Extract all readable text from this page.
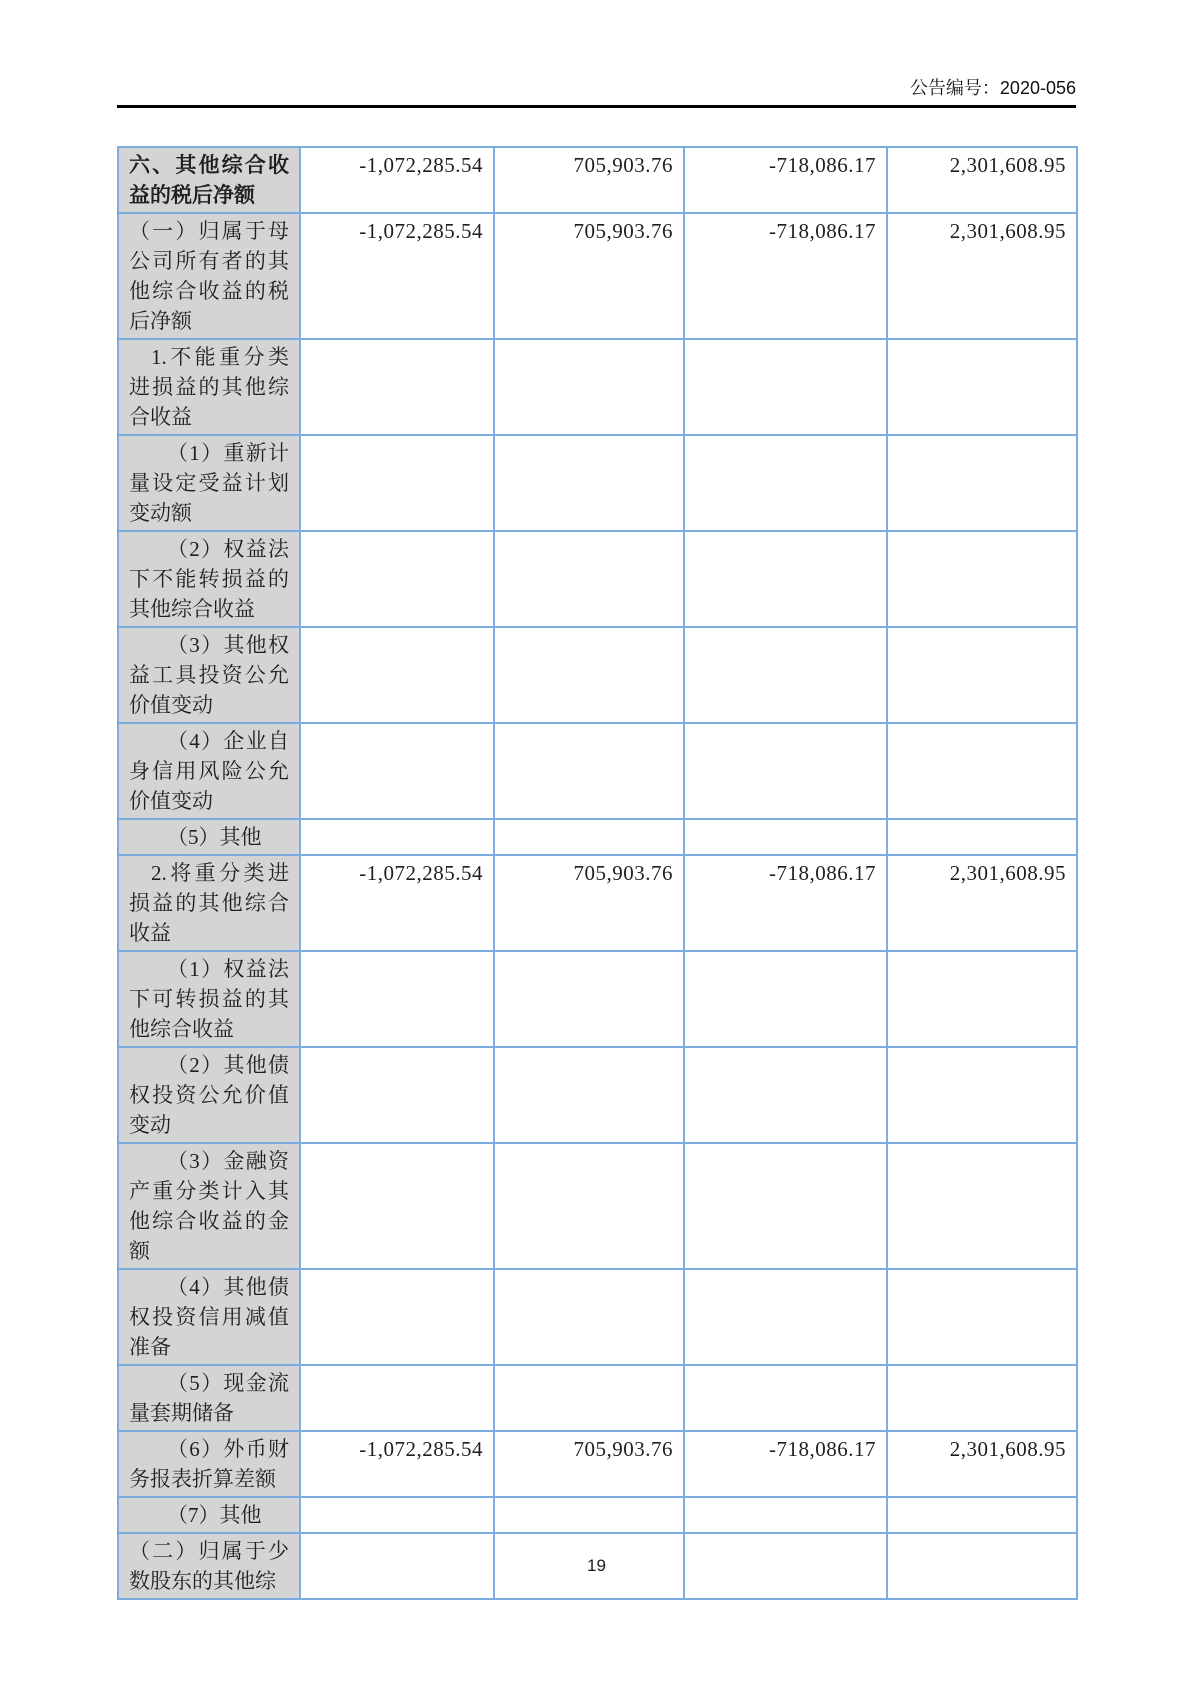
公告编号：2020-056
六、其他综合收益的税后净额	-1,072,285.54	705,903.76	-718,086.17	2,301,608.95
（一）归属于母公司所有者的其他综合收益的税后净额	-1,072,285.54	705,903.76	-718,086.17	2,301,608.95
1.不能重分类进损益的其他综合收益				
（1）重新计量设定受益计划变动额				
（2）权益法下不能转损益的其他综合收益				
（3）其他权益工具投资公允价值变动				
（4）企业自身信用风险公允价值变动				
（5）其他				
2.将重分类进损益的其他综合收益	-1,072,285.54	705,903.76	-718,086.17	2,301,608.95
（1）权益法下可转损益的其他综合收益				
（2）其他债权投资公允价值变动				
（3）金融资产重分类计入其他综合收益的金额				
（4）其他债权投资信用减值准备				
（5）现金流量套期储备				
（6）外币财务报表折算差额	-1,072,285.54	705,903.76	-718,086.17	2,301,608.95
（7）其他				
（二）归属于少数股东的其他综				
19
